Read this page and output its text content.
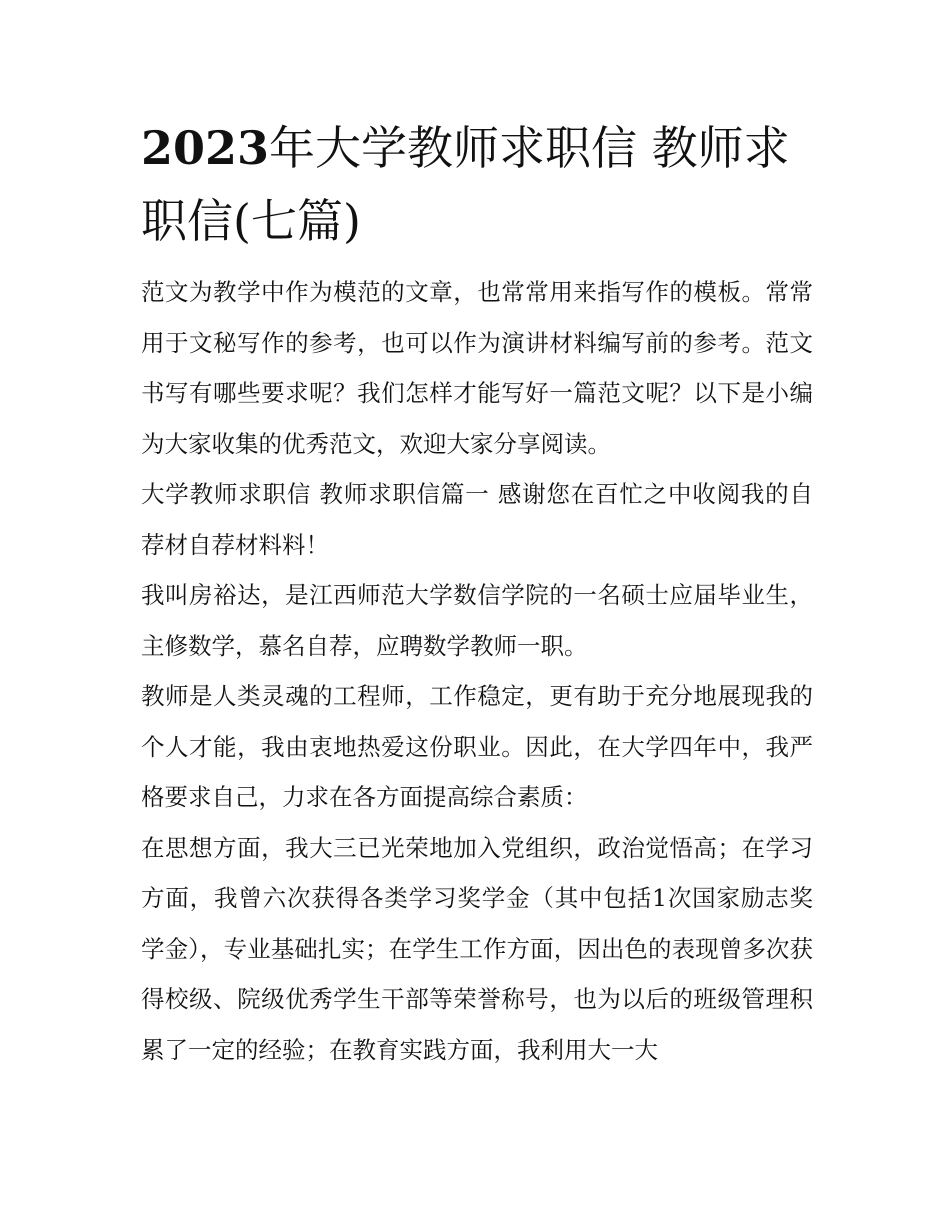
2023年大学教师求职信 教师求职信(七篇)

范文为教学中作为模范的文章，也常常用来指写作的模板。常常用于文秘写作的参考，也可以作为演讲材料编写前的参考。范文书写有哪些要求呢？我们怎样才能写好一篇范文呢？以下是小编为大家收集的优秀范文，欢迎大家分享阅读。

大学教师求职信 教师求职信篇一 感谢您在百忙之中收阅我的自荐材自荐材料料！

我叫房裕达，是江西师范大学数信学院的一名硕士应届毕业生，主修数学，慕名自荐，应聘数学教师一职。

教师是人类灵魂的工程师，工作稳定，更有助于充分地展现我的个人才能，我由衷地热爱这份职业。因此，在大学四年中，我严格要求自己，力求在各方面提高综合素质：

在思想方面，我大三已光荣地加入党组织，政治觉悟高；在学习方面，我曾六次获得各类学习奖学金（其中包括1次国家励志奖学金），专业基础扎实；在学生工作方面，因出色的表现曾多次获得校级、院级优秀学生干部等荣誉称号，也为以后的班级管理积累了一定的经验；在教育实践方面，我利用大一大
